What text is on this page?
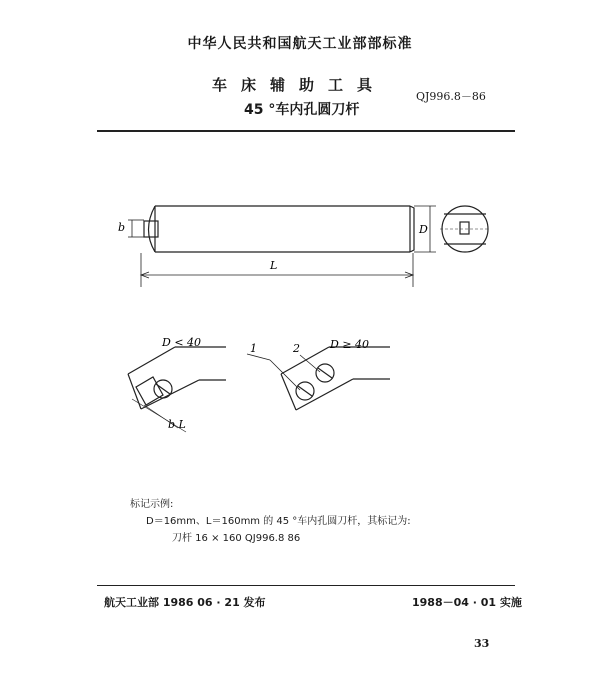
中华人民共和国航天工业部部标准
车床辅助工具
QJ996.8－86
45 °车内孔圆刀杆
b	D
L
D < 40	D ≥ 40
1	2
b L
标记示例:
D＝16mm、L＝160mm 的 45 °车内孔圆刀杆，其标记为:
刀杆 16 × 160 QJ996.8 86
航天工业部 1986 06 · 21 发布	1988－04 · 01 实施
33
